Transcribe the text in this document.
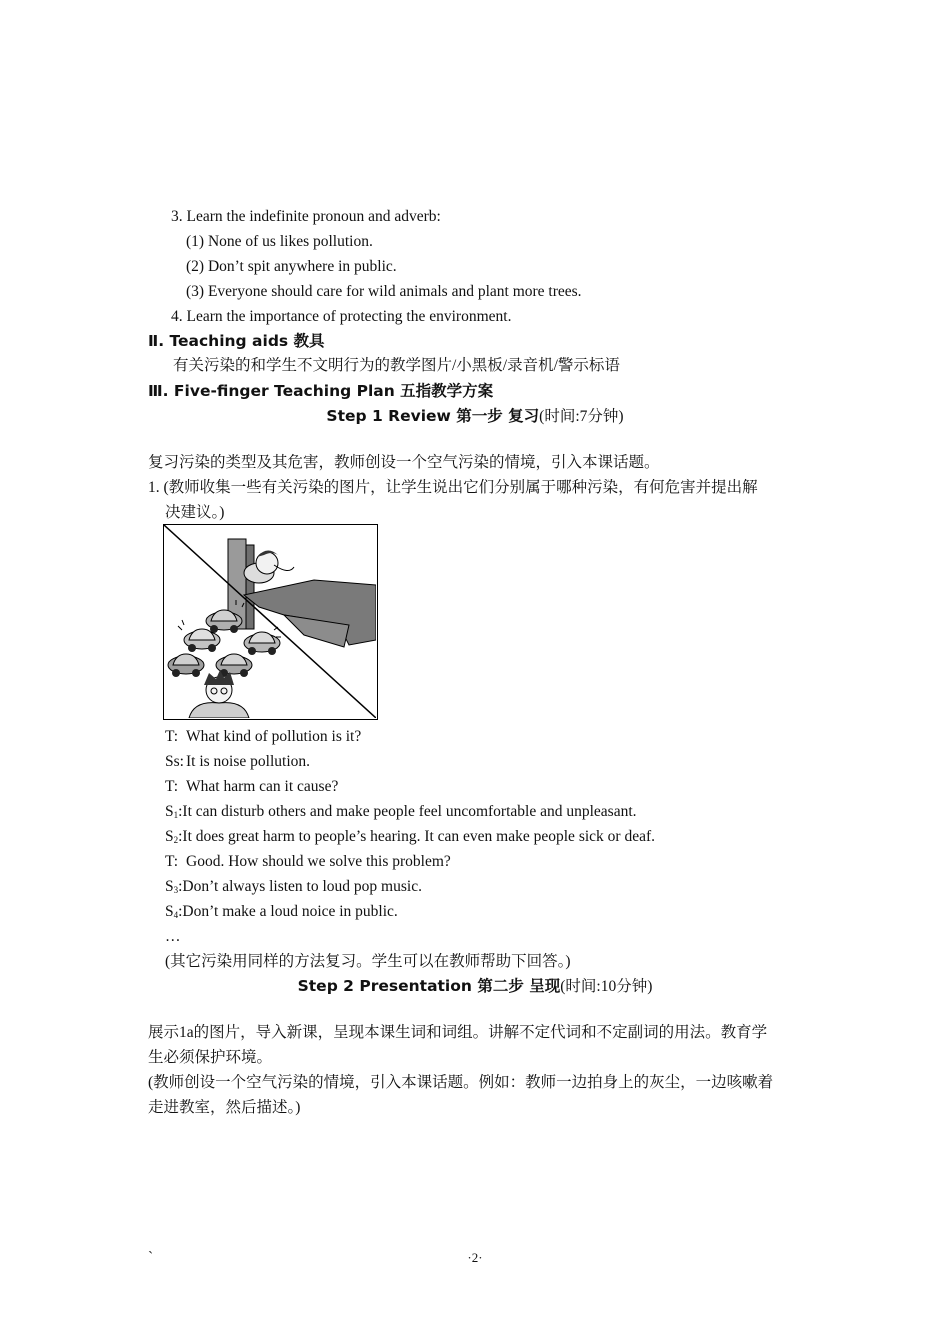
3. Learn the indefinite pronoun and adverb:
(1) None of us likes pollution.
(2) Don’t spit anywhere in public.
(3) Everyone should care for wild animals and plant more trees.
4. Learn the importance of protecting the environment.
Ⅱ. Teaching aids 教具
有关污染的和学生不文明行为的教学图片/小黑板/录音机/警示标语
Ⅲ. Five-finger Teaching Plan 五指教学方案
Step 1 Review 第一步 复习(时间:7分钟)
复习污染的类型及其危害，教师创设一个空气污染的情境，引入本课话题。
1. (教师收集一些有关污染的图片，让学生说出它们分别属于哪种污染，有何危害并提出解
决建议。)
T: What kind of pollution is it?
Ss: It is noise pollution.
T: What harm can it cause?
$S_1:It$ can disturb others and make people feel uncomfortable and unpleasant.
$S_2:It$ does great harm to people’s hearing. It can even make people sick or deaf.
T: Good. How should we solve this problem?
$S_3:Don’t$ always listen to loud pop music.
$S_4:Don’t$ make a loud noice in public.
…
(其它污染用同样的方法复习。学生可以在教师帮助下回答。)
Step 2 Presentation 第二步 呈现(时间:10分钟)
展示1a的图片，导入新课，呈现本课生词和词组。讲解不定代词和不定副词的用法。教育学
生必须保护环境。
(教师创设一个空气污染的情境，引入本课话题。例如：教师一边拍身上的灰尘，一边咳嗽着
走进教室，然后描述。)
`	·2·
